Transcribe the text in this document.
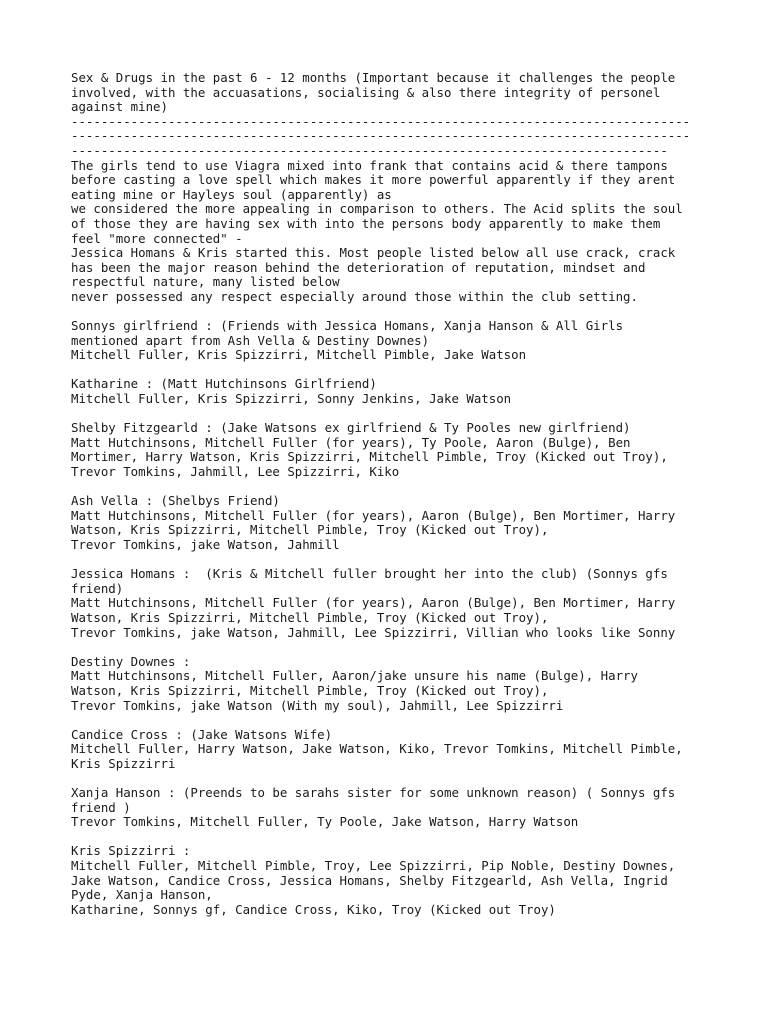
Sex & Drugs in the past 6 - 12 months (Important because it challenges the people
involved, with the accuasations, socialising & also there integrity of personel
against mine)
-----------------------------------------------------------------------------------
-----------------------------------------------------------------------------------
--------------------------------------------------------------------------------
The girls tend to use Viagra mixed into frank that contains acid & there tampons
before casting a love spell which makes it more powerful apparently if they arent
eating mine or Hayleys soul (apparently) as
we considered the more appealing in comparison to others. The Acid splits the soul
of those they are having sex with into the persons body apparently to make them
feel "more connected" -
Jessica Homans & Kris started this. Most people listed below all use crack, crack
has been the major reason behind the deterioration of reputation, mindset and
respectful nature, many listed below
never possessed any respect especially around those within the club setting.
Sonnys girlfriend : (Friends with Jessica Homans, Xanja Hanson & All Girls
mentioned apart from Ash Vella & Destiny Downes)
Mitchell Fuller, Kris Spizzirri, Mitchell Pimble, Jake Watson
Katharine : (Matt Hutchinsons Girlfriend)
Mitchell Fuller, Kris Spizzirri, Sonny Jenkins, Jake Watson
Shelby Fitzgearld : (Jake Watsons ex girlfriend & Ty Pooles new girlfriend)
Matt Hutchinsons, Mitchell Fuller (for years), Ty Poole, Aaron (Bulge), Ben
Mortimer, Harry Watson, Kris Spizzirri, Mitchell Pimble, Troy (Kicked out Troy),
Trevor Tomkins, Jahmill, Lee Spizzirri, Kiko
Ash Vella : (Shelbys Friend)
Matt Hutchinsons, Mitchell Fuller (for years), Aaron (Bulge), Ben Mortimer, Harry
Watson, Kris Spizzirri, Mitchell Pimble, Troy (Kicked out Troy),
Trevor Tomkins, jake Watson, Jahmill
Jessica Homans :  (Kris & Mitchell fuller brought her into the club) (Sonnys gfs
friend)
Matt Hutchinsons, Mitchell Fuller (for years), Aaron (Bulge), Ben Mortimer, Harry
Watson, Kris Spizzirri, Mitchell Pimble, Troy (Kicked out Troy),
Trevor Tomkins, jake Watson, Jahmill, Lee Spizzirri, Villian who looks like Sonny
Destiny Downes :
Matt Hutchinsons, Mitchell Fuller, Aaron/jake unsure his name (Bulge), Harry
Watson, Kris Spizzirri, Mitchell Pimble, Troy (Kicked out Troy),
Trevor Tomkins, jake Watson (With my soul), Jahmill, Lee Spizzirri
Candice Cross : (Jake Watsons Wife)
Mitchell Fuller, Harry Watson, Jake Watson, Kiko, Trevor Tomkins, Mitchell Pimble,
Kris Spizzirri
Xanja Hanson : (Preends to be sarahs sister for some unknown reason) ( Sonnys gfs
friend )
Trevor Tomkins, Mitchell Fuller, Ty Poole, Jake Watson, Harry Watson
Kris Spizzirri :
Mitchell Fuller, Mitchell Pimble, Troy, Lee Spizzirri, Pip Noble, Destiny Downes,
Jake Watson, Candice Cross, Jessica Homans, Shelby Fitzgearld, Ash Vella, Ingrid
Pyde, Xanja Hanson,
Katharine, Sonnys gf, Candice Cross, Kiko, Troy (Kicked out Troy)
